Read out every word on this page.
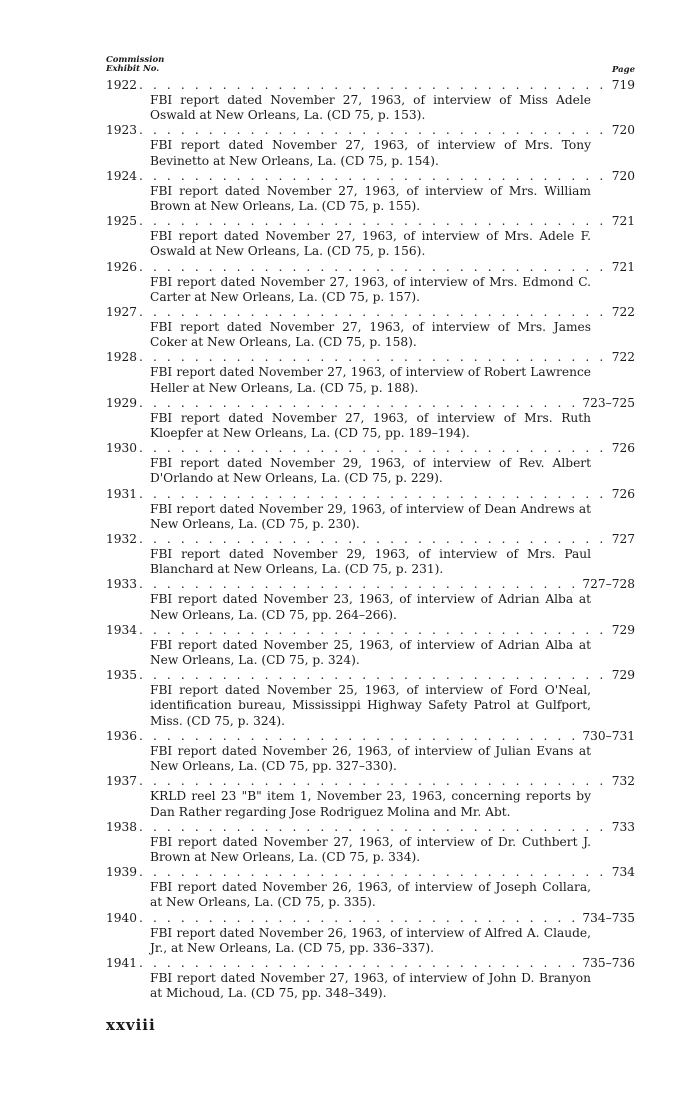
Commission
Exhibit No.	Page
1922 . . .	719
FBI report dated November 27, 1963, of interview of Miss Adele Oswald at New Orleans, La. (CD 75, p. 153).
1923 . . .	720
FBI report dated November 27, 1963, of interview of Mrs. Tony Bevinetto at New Orleans, La. (CD 75, p. 154).
1924 . . .	720
FBI report dated November 27, 1963, of interview of Mrs. William Brown at New Orleans, La. (CD 75, p. 155).
1925 . . .	721
FBI report dated November 27, 1963, of interview of Mrs. Adele F. Oswald at New Orleans, La. (CD 75, p. 156).
1926 . . .	721
FBI report dated November 27, 1963, of interview of Mrs. Edmond C. Carter at New Orleans, La. (CD 75, p. 157).
1927 . . .	722
FBI report dated November 27, 1963, of interview of Mrs. James Coker at New Orleans, La. (CD 75, p. 158).
1928 . . .	722
FBI report dated November 27, 1963, of interview of Robert Lawrence Heller at New Orleans, La. (CD 75, p. 188).
1929 . . .	723–725
FBI report dated November 27, 1963, of interview of Mrs. Ruth Kloepfer at New Orleans, La. (CD 75, pp. 189–194).
1930 . . .	726
FBI report dated November 29, 1963, of interview of Rev. Albert D'Orlando at New Orleans, La. (CD 75, p. 229).
1931 . . .	726
FBI report dated November 29, 1963, of interview of Dean Andrews at New Orleans, La. (CD 75, p. 230).
1932 . . .	727
FBI report dated November 29, 1963, of interview of Mrs. Paul Blanchard at New Orleans, La. (CD 75, p. 231).
1933 . . .	727–728
FBI report dated November 23, 1963, of interview of Adrian Alba at New Orleans, La. (CD 75, pp. 264–266).
1934 . . .	729
FBI report dated November 25, 1963, of interview of Adrian Alba at New Orleans, La. (CD 75, p. 324).
1935 . . .	729
FBI report dated November 25, 1963, of interview of Ford O'Neal, identification bureau, Mississippi Highway Safety Patrol at Gulfport, Miss. (CD 75, p. 324).
1936 . . .	730–731
FBI report dated November 26, 1963, of interview of Julian Evans at New Orleans, La. (CD 75, pp. 327–330).
1937 . . .	732
KRLD reel 23 "B" item 1, November 23, 1963, concerning reports by Dan Rather regarding Jose Rodriguez Molina and Mr. Abt.
1938 . . .	733
FBI report dated November 27, 1963, of interview of Dr. Cuthbert J. Brown at New Orleans, La. (CD 75, p. 334).
1939 . . .	734
FBI report dated November 26, 1963, of interview of Joseph Collara, at New Orleans, La. (CD 75, p. 335).
1940 . . .	734–735
FBI report dated November 26, 1963, of interview of Alfred A. Claude, Jr., at New Orleans, La. (CD 75, pp. 336–337).
1941 . . .	735–736
FBI report dated November 27, 1963, of interview of John D. Branyon at Michoud, La. (CD 75, pp. 348–349).
xxviii
